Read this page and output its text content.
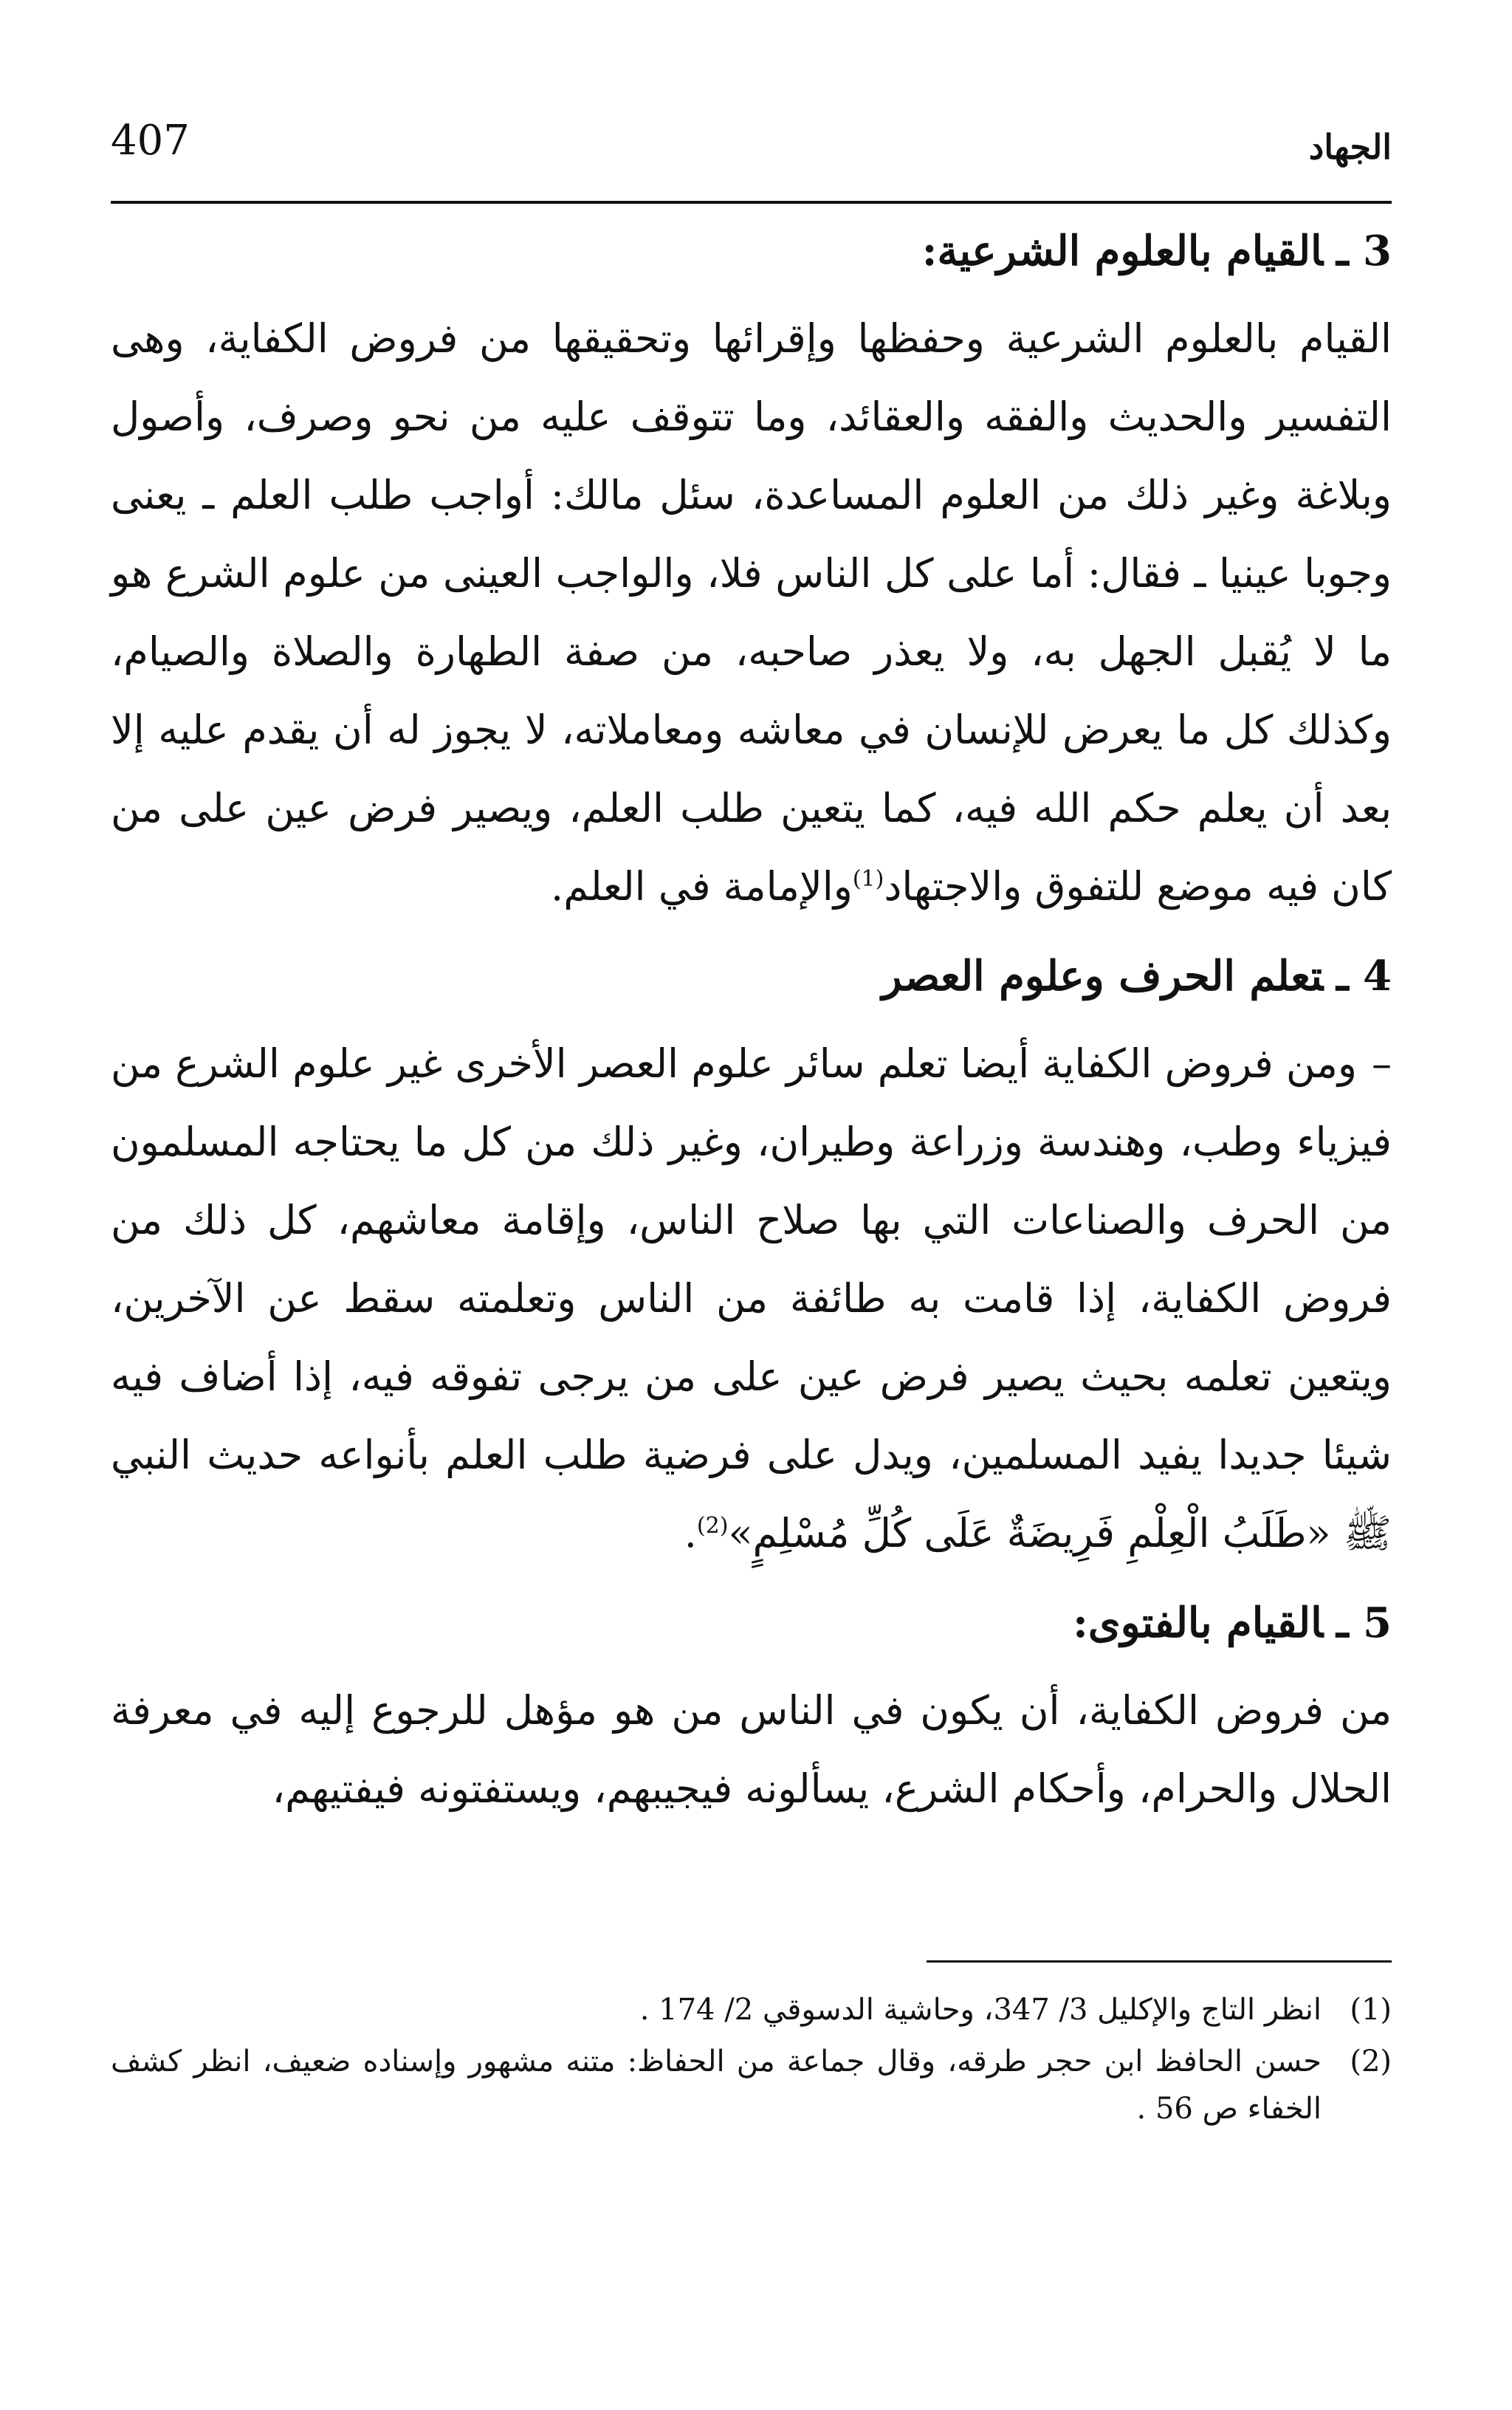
الجهاد
407
3 ـالقيام بالعلوم الشرعية:

القيام بالعلوم الشرعية وحفظها وإقرائها وتحقيقها من فروض الكفاية، وهى التفسير والحديث والفقه والعقائد، وما تتوقف عليه من نحو وصرف، وأصول وبلاغة وغير ذلك من العلوم المساعدة، سئل مالك: أواجب طلب العلم ـ يعنى وجوبا عينيا ـ فقال: أما على كل الناس فلا، والواجب العينى من علوم الشرع هو ما لا يُقبل الجهل به، ولا يعذر صاحبه، من صفة الطهارة والصلاة والصيام، وكذلك كل ما يعرض للإنسان في معاشه ومعاملاته، لا يجوز له أن يقدم عليه إلا بعد أن يعلم حكم الله فيه، كما يتعين طلب العلم، ويصير فرض عين على من كان فيه موضع للتفوق والاجتهاد$^{(1)}$والإمامة في العلم.

4 ـتعلم الحرف وعلوم العصر

–ومن فروض الكفاية أيضا تعلم سائر علوم العصر الأخرى غير علوم الشرع من فيزياء وطب، وهندسة وزراعة وطيران، وغير ذلك من كل ما يحتاجه المسلمون من الحرف والصناعات التي بها صلاح الناس، وإقامة معاشهم، كل ذلك من فروض الكفاية، إذا قامت به طائفة من الناس وتعلمته سقط عن الآخرين، ويتعين تعلمه بحيث يصير فرض عين على من يرجى تفوقه فيه، إذا أضاف فيه شيئا جديدا يفيد المسلمين، ويدل على فرضية طلب العلم بأنواعه حديث النبي ﷺ «طَلَبُ الْعِلْمِ فَرِيضَةٌ عَلَى كُلِّ مُسْلِمٍ»$^{(2)}$.

5 ـالقيام بالفتوى:

من فروض الكفاية، أن يكون في الناس من هو مؤهل للرجوع إليه في معرفة الحلال والحرام، وأحكام الشرع، يسألونه فيجيبهم، ويستفتونه فيفتيهم،

(1)
انظر التاج والإكليل 3/ 347، وحاشية الدسوقي 2/ 174 .
(2)
حسن الحافظ ابن حجر طرقه، وقال جماعة من الحفاظ: متنه مشهور وإسناده ضعيف، انظر كشف الخفاء ص 56 .
